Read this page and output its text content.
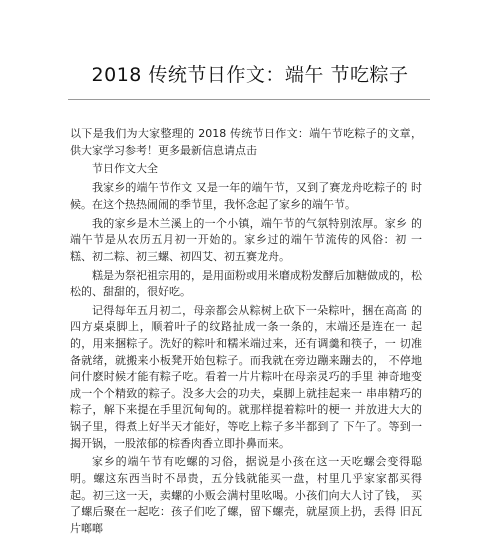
2018 传统节日作文：端午 节吃粽子

以下是我们为大家整理的 2018 传统节日作文：端午节吃粽子的文章，供大家学习参考！更多最新信息请点击

节日作文大全

我家乡的端午节作文 又是一年的端午节，又到了赛龙舟吃粽子的 时候。在这个热热闹闹的季节里，我怀念起了家乡的端午节。

我的家乡是木兰溪上的一个小镇，端午节的气氛特别浓厚。家乡 的端午节是从农历五月初一开始的。家乡过的端午节流传的风俗：初 一糕、初二粽、初三螺、初四艾、初五赛龙舟。

糕是为祭祀祖宗用的，是用面粉或用米磨成粉发酵后加糖做成的，松松的、甜甜的，很好吃。

记得每年五月初二，母亲都会从粽树上砍下一朵粽叶，捆在高高 的四方桌桌脚上，顺着叶子的纹路扯成一条一条的，末端还是连在一 起的，用来捆粽子。洗好的粽叶和糯米端过来，还有调羹和筷子，一 切准备就绪，就搬来小板凳开始包粽子。而我就在旁边蹦来蹦去的， 不停地问什麽时候才能有粽子吃。看着一片片粽叶在母亲灵巧的手里 神奇地变成一个个精致的粽子。没多大会的功夫，桌脚上就挂起来一 串串精巧的粽子，解下来提在手里沉甸甸的。就那样提着粽叶的梗一 并放进大大的锅子里，得煮上好半天才能好，等吃上粽子多半都到了 下午了。等到一揭开锅，一股浓郁的棕香肉香立即扑鼻而来。

家乡的端午节有吃螺的习俗，据说是小孩在这一天吃螺会变得聪 明。螺这东西当时不昂贵，五分钱就能买一盘，村里几乎家家都买得 起。初三这一天，卖螺的小贩会满村里吆喝。小孩们向大人讨了钱， 买了螺后聚在一起吃：孩子们吃了螺，留下螺壳，就屋顶上扔，丢得 旧瓦片啷啷
